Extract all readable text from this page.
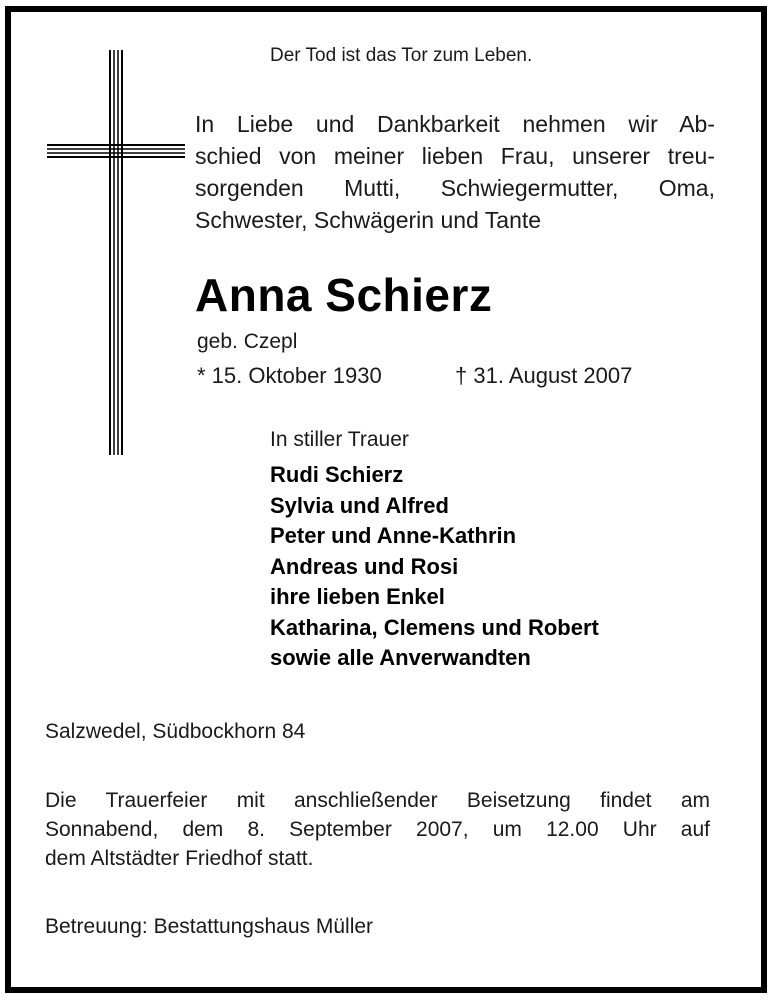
Der Tod ist das Tor zum Leben.
In Liebe und Dankbarkeit nehmen wir Ab-
schied von meiner lieben Frau, unserer treu-
sorgenden Mutti, Schwiegermutter, Oma,
Schwester, Schwägerin und Tante
Anna Schierz
geb. Czepl
* 15. Oktober 1930	† 31. August 2007
In stiller Trauer
Rudi Schierz
Sylvia und Alfred
Peter und Anne-Kathrin
Andreas und Rosi
ihre lieben Enkel
Katharina, Clemens und Robert
sowie alle Anverwandten
Salzwedel, Südbockhorn 84
Die Trauerfeier mit anschließender Beisetzung findet am
Sonnabend, dem 8. September 2007, um 12.00 Uhr auf
dem Altstädter Friedhof statt.
Betreuung: Bestattungshaus Müller
